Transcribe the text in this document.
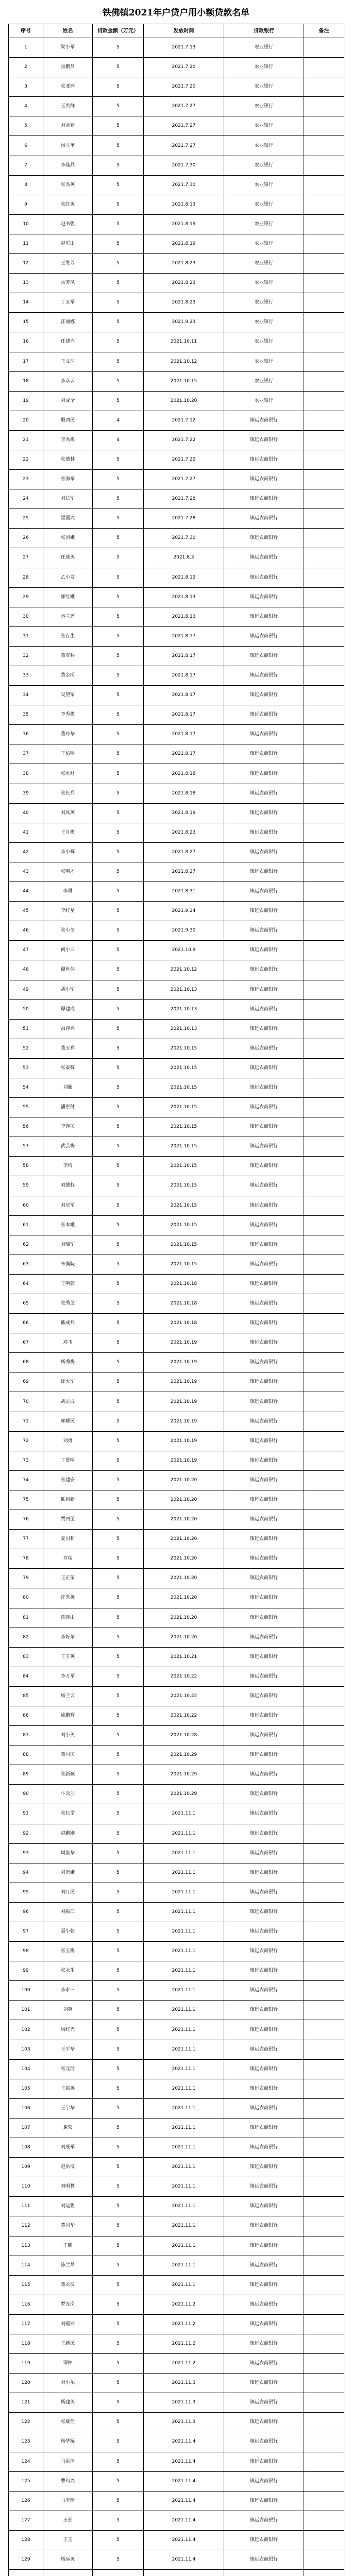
铁佛镇2021年户贷户用小额贷款名单
序号	姓名	贷款金额（万元）	发放时间	贷款银行	备注
1	梁小军	5	2021.7.13	农业银行	
2	雷鹏昌	5	2021.7.20	农业银行	
3	张亚洲	5	2021.7.20	农业银行	
4	王贵群	5	2021.7.27	农业银行	
5	刘会存	5	2021.7.27	农业银行	
6	杨立奎	5	2021.7.27	农业银行	
7	李晶晶	5	2021.7.30	农业银行	
8	张秀英	5	2021.7.30	农业银行	
9	张红英	5	2021.8.13	农业银行	
10	赵书强	5	2021.8.19	农业银行	
11	赵东山	5	2021.8.19	农业银行	
12	王维芳	5	2021.8.23	农业银行	
13	雷芳凤	5	2021.8.23	农业银行	
14	丁五军	5	2021.8.23	农业银行	
15	汪丽娜	5	2021.9.23	农业银行	
16	任建立	5	2021.10.11	农业银行	
17	王文洁	5	2021.10.12	农业银行	
18	李彦云	5	2021.10.15	农业银行	
19	刘成全	5	2021.10.20	农业银行	
20	殷西民	4	2021.7.12	镇远农商银行	
21	李秀梅	4	2021.7.22	镇远农商银行	
22	张德林	5	2021.7.22	镇远农商银行	
23	张海军	5	2021.7.27	镇远农商银行	
24	刘长军	5	2021.7.28	镇远农商银行	
25	雷国兴	5	2021.7.28	镇远农商银行	
26	张团娥	5	2021.7.30	镇远农商银行	
27	任成英	5	2021.8.3	镇远农商银行	
28	乙小发	5	2021.8.12	镇远农商银行	
29	郭红娥	5	2021.8.13	镇远农商银行	
30	林兰莲	5	2021.8.13	镇远农商银行	
31	张存生	5	2021.8.17	镇远农商银行	
32	董彦兵	5	2021.8.17	镇远农商银行	
33	黄金明	5	2021.8.17	镇远农商银行	
34	吴望军	5	2021.8.17	镇远农商银行	
35	李秀梅	5	2021.8.17	镇远农商银行	
36	董丹华	5	2021.8.17	镇远农商银行	
37	王佑明	5	2021.8.17	镇远农商银行	
38	张水财	5	2021.8.18	镇远农商银行	
39	张长兵	5	2021.8.18	镇远农商银行	
40	刘风英	5	2021.8.19	镇远农商银行	
41	王月梅	5	2021.8.23	镇远农商银行	
42	李小辉	5	2021.8.27	镇远农商银行	
43	张明才	5	2021.8.27	镇远农商银行	
44	李勇	5	2021.8.31	镇远农商银行	
45	李红星	5	2021.9.24	镇远农商银行	
46	张小冬	5	2021.9.30	镇远农商银行	
47	何小三	5	2021.10.9	镇远农商银行	
48	谭世伟	5	2021.10.12	镇远农商银行	
49	胡小军	5	2021.10.13	镇远农商银行	
50	谭建成	5	2021.10.13	镇远农商银行	
51	吕存兴	5	2021.10.13	镇远农商银行	
52	董玉祥	5	2021.10.15	镇远农商银行	
53	张泰辉	5	2021.10.15	镇远农商银行	
54	刘雁	5	2021.10.15	镇远农商银行	
55	潘崇付	5	2021.10.15	镇远农商银行	
56	李连庆	5	2021.10.15	镇远农商银行	
57	武芸梅	5	2021.10.15	镇远农商银行	
58	李梅	5	2021.10.15	镇远农商银行	
59	刘德权	5	2021.10.15	镇远农商银行	
60	刘庆军	5	2021.10.15	镇远农商银行	
61	张本娥	5	2021.10.15	镇远农商银行	
62	刘瑞军	5	2021.10.15	镇远农商银行	
63	朱满院	5	2021.10.15	镇远农商银行	
64	王明朝	5	2021.10.18	镇远农商银行	
65	张秀芝	5	2021.10.18	镇远农商银行	
66	熊成兵	5	2021.10.18	镇远农商银行	
67	邓飞	5	2021.10.19	镇远农商银行	
68	杨秀梅	5	2021.10.19	镇远农商银行	
69	徐大军	5	2021.10.19	镇远农商银行	
70	胡志成	5	2021.10.19	镇远农商银行	
71	郭耀民	5	2021.10.19	镇远农商银行	
72	刘勇	5	2021.10.19	镇远农商银行	
73	丁贤明	5	2021.10.19	镇远农商银行	
74	张建安	5	2021.10.20	镇远农商银行	
75	熊树新	5	2021.10.20	镇远农商银行	
76	贾西望	5	2021.10.20	镇远农商银行	
77	夏国和	5	2021.10.20	镇远农商银行	
78	方瑞	5	2021.10.20	镇远农商银行	
79	王正荣	5	2021.10.20	镇远农商银行	
80	许秀英	5	2021.10.20	镇远农商银行	
81	陈连山	5	2021.10.20	镇远农商银行	
82	李好荣	5	2021.10.20	镇远农商银行	
83	王玉英	5	2021.10.21	镇远农商银行	
84	李万军	5	2021.10.22	镇远农商银行	
85	杨兰云	5	2021.10.22	镇远农商银行	
86	成鹏辉	5	2021.10.22	镇远农商银行	
87	刘小英	5	2021.10.28	镇远农商银行	
88	董国庆	5	2021.10.29	镇远农商银行	
89	张新顺	5	2021.10.29	镇远农商银行	
90	牛云兰	5	2021.10.29	镇远农商银行	
91	张长学	5	2021.11.1	镇远农商银行	
92	赵鹏刚	5	2021.11.1	镇远农商银行	
93	周富华	5	2021.11.1	镇远农商银行	
94	刘宏娥	5	2021.11.1	镇远农商银行	
95	刘月民	5	2021.11.1	镇远农商银行	
96	刘振江	5	2021.11.1	镇远农商银行	
97	聂小朝	5	2021.11.1	镇远农商银行	
98	张玉梅	5	2021.11.1	镇远农商银行	
99	张永生	5	2021.11.1	镇远农商银行	
100	李永三	5	2021.11.1	镇远农商银行	
101	刘英	5	2021.11.1	镇远农商银行	
102	杨红光	5	2021.11.1	镇远农商银行	
103	王平华	5	2021.11.1	镇远农商银行	
104	张元玲	5	2021.11.1	镇远农商银行	
105	王振英	5	2021.11.1	镇远农商银行	
106	王宁华	5	2021.11.1	镇远农商银行	
107	谢荣	5	2021.11.1	镇远农商银行	
108	刘成军	5	2021.11.1	镇远农商银行	
109	赵洪博	5	2021.11.1	镇远农商银行	
110	刘明哲	5	2021.11.1	镇远农商银行	
111	刘运强	5	2021.11.1	镇远农商银行	
112	黄国华	5	2021.11.1	镇远农商银行	
113	王鹏	5	2021.11.1	镇远农商银行	
114	陈兰昌	5	2021.11.1	镇远农商银行	
115	董永波	5	2021.11.1	镇远农商银行	
116	罗光岗	5	2021.11.2	镇远农商银行	
117	刘蕴丽	5	2021.11.2	镇远农商银行	
118	王新民	5	2021.11.2	镇远农商银行	
119	谭林	5	2021.11.2	镇远农商银行	
120	刘小乐	5	2021.11.3	镇远农商银行	
121	杨建英	5	2021.11.3	镇远农商银行	
122	张雄佳	5	2021.11.3	镇远农商银行	
123	杨华桥	5	2021.11.4	镇远农商银行	
124	马雷清	5	2021.11.4	镇远农商银行	
125	曹幻兴	5	2021.11.4	镇远农商银行	
126	马宝琦	5	2021.11.4	镇远农商银行	
127	王长	5	2021.11.4	镇远农商银行	
128	王玉	5	2021.11.4	镇远农商银行	
129	杨运英	5	2021.11.4	镇远农商银行	
